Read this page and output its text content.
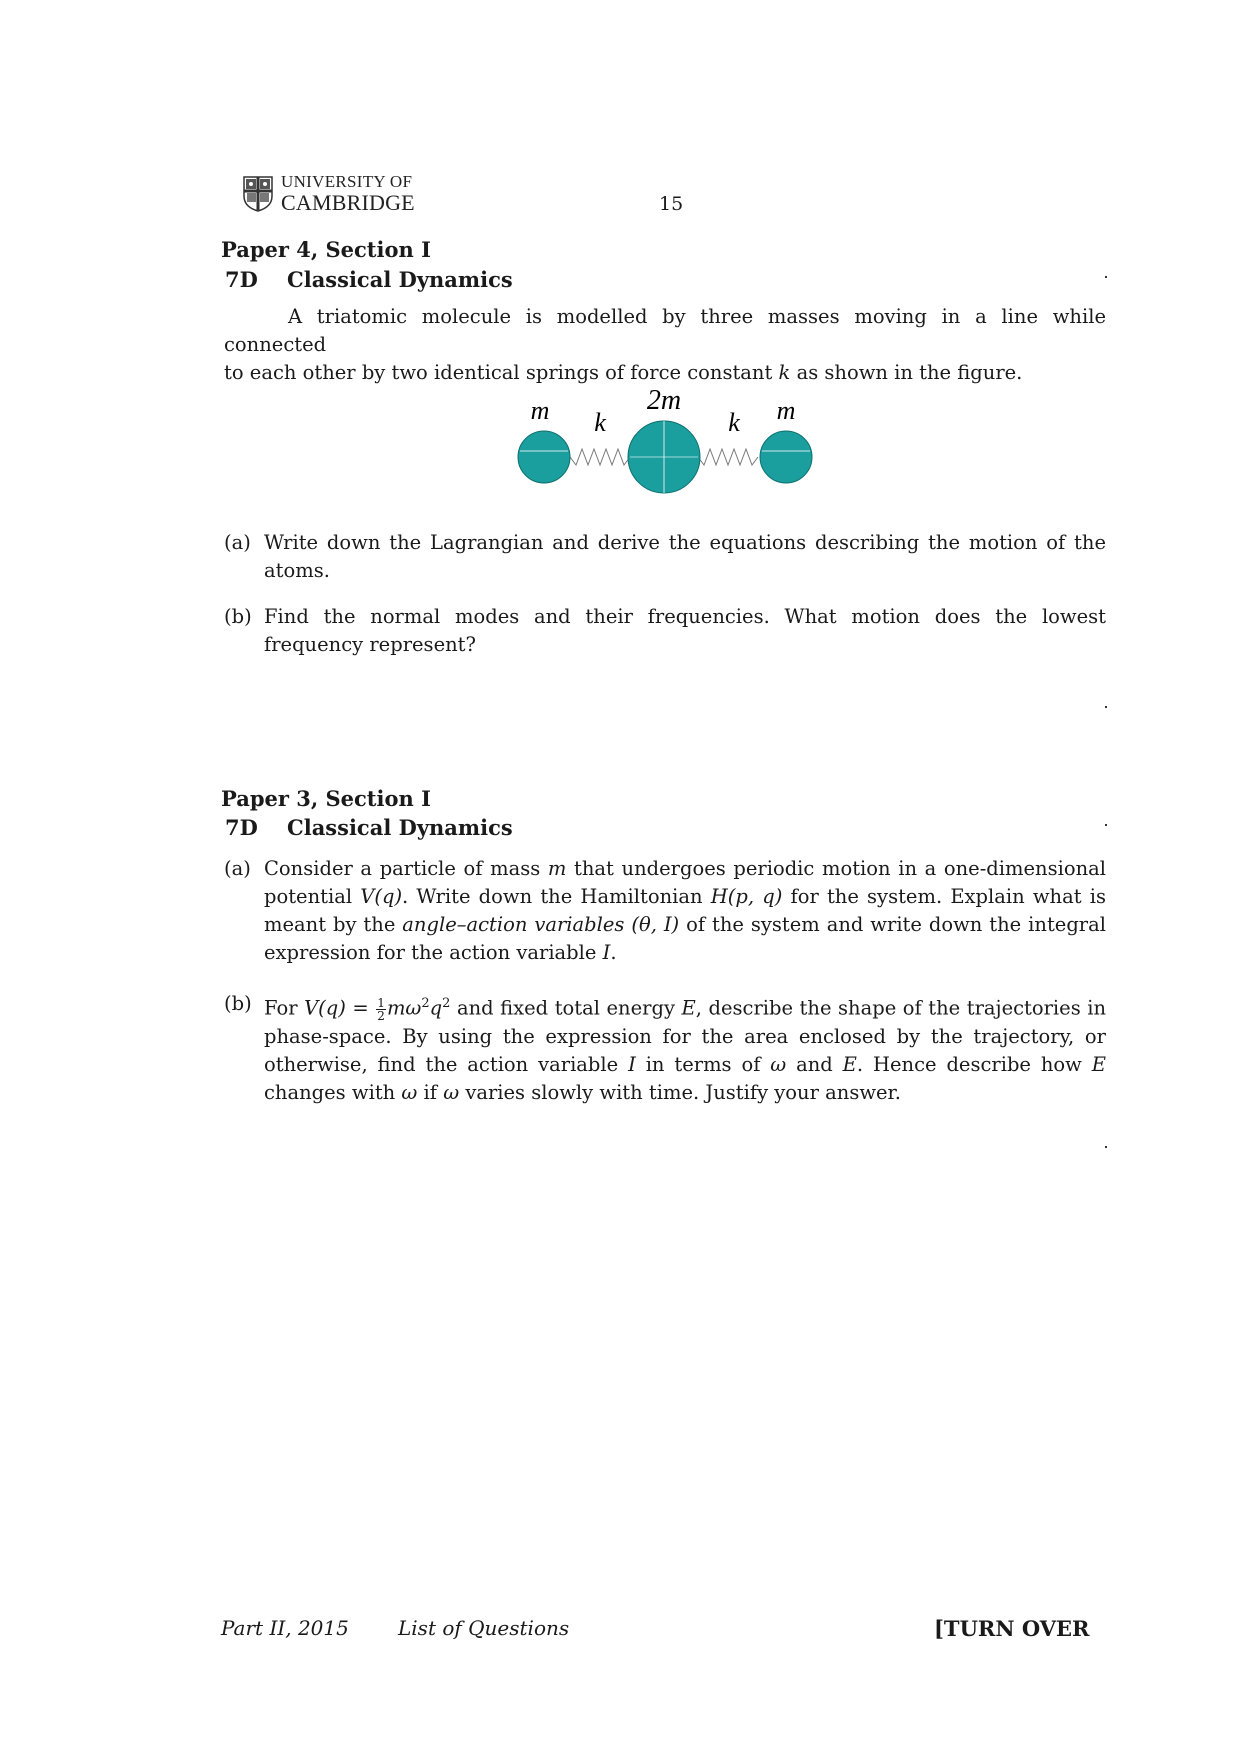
UNIVERSITY OF
CAMBRIDGE	15
Paper 4, Section I
7D Classical Dynamics
A triatomic molecule is modelled by three masses moving in a line while connected
to each other by two identical springs of force constant k as shown in the figure.
m k
2m
k m
(a) Write down the Lagrangian and derive the equations describing the motion of the atoms.
(b) Find the normal modes and their frequencies. What motion does the lowest frequency represent?
Paper 3, Section I
7D Classical Dynamics
(a) Consider a particle of mass m that undergoes periodic motion in a one-dimensional potential V(q). Write down the Hamiltonian H(p, q) for the system. Explain what is meant by the angle–action variables (θ, I) of the system and write down the integral expression for the action variable I.
(b) For $V(q) = \frac{1}{2} m\omega^2q^2$ and fixed total energy E, describe the shape of the trajectories in phase-space. By using the expression for the area enclosed by the trajectory, or otherwise, find the action variable I in terms of ω and E. Hence describe how E changes with ω if ω varies slowly with time. Justify your answer.
Part II, 2015 List of Questions	[TURN OVER
